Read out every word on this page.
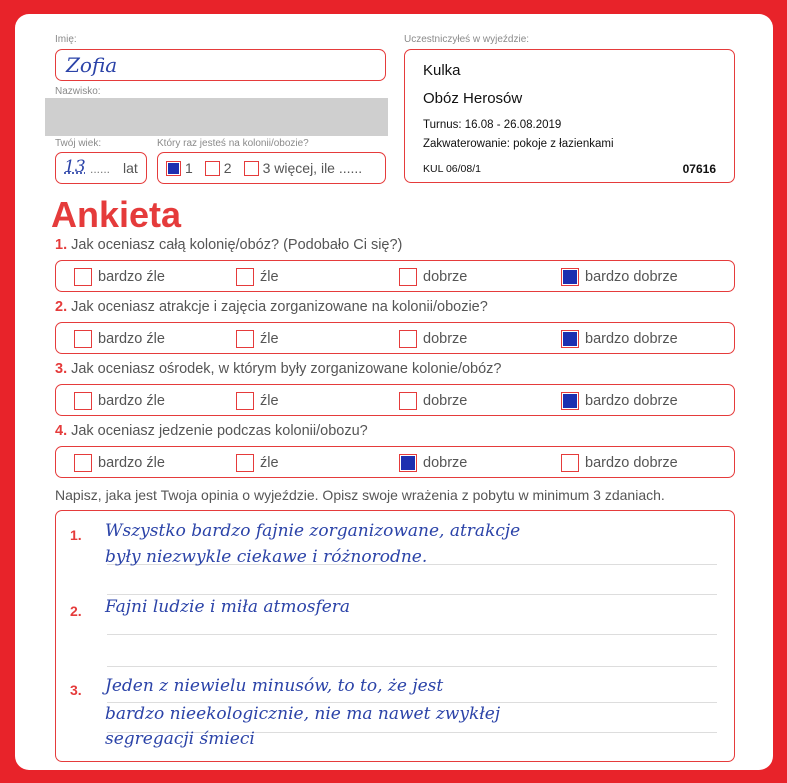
Imię:
Zofia
Nazwisko:
Twój wiek:
13 ...... lat
Który raz jesteś na kolonii/obozie?
1 2 3 więcej, ile ......
Uczestniczyłeś w wyjeździe:
Kulka
Obóz Herosów
Turnus: 16.08 - 26.08.2019
Zakwaterowanie: pokoje z łazienkami
KUL 06/08/1	07616
Ankieta
1. Jak oceniasz całą kolonię/obóz? (Podobało Ci się?)
bardzo źle	źle	dobrze	bardzo dobrze
2. Jak oceniasz atrakcje i zajęcia zorganizowane na kolonii/obozie?
bardzo źle	źle	dobrze	bardzo dobrze
3. Jak oceniasz ośrodek, w którym były zorganizowane kolonie/obóz?
bardzo źle	źle	dobrze	bardzo dobrze
4. Jak oceniasz jedzenie podczas kolonii/obozu?
bardzo źle	źle	dobrze	bardzo dobrze
Napisz, jaka jest Twoja opinia o wyjeździe. Opisz swoje wrażenia z pobytu w minimum 3 zdaniach.
1. Wszystko bardzo fajnie zorganizowane, atrakcje
były niezwykle ciekawe i różnorodne.
2. Fajni ludzie i miła atmosfera
3. Jeden z niewielu minusów, to to, że jest
bardzo nieekologicznie, nie ma nawet zwykłej
segregacji śmieci
